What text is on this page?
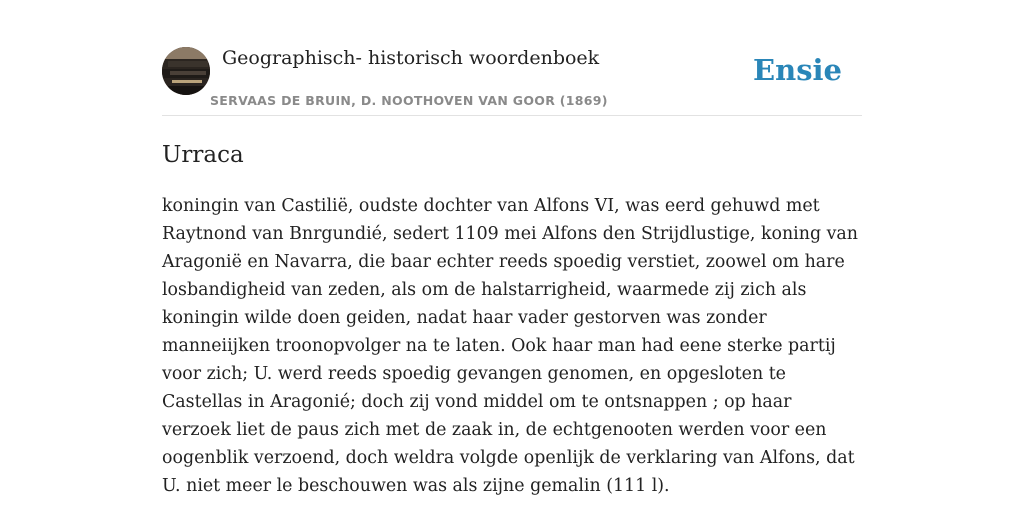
Geographisch- historisch woordenboek
SERVAAS DE BRUIN, D. NOOTHOVEN VAN GOOR (1869)
Ensie
Urraca

koningin van Castilië, oudste dochter van Alfons VI, was eerd gehuwd met Raytnond van Bnrgundié, sedert 1109 mei Alfons den Strijdlustige, koning van Aragonië en Navarra, die baar echter reeds spoedig verstiet, zoowel om hare losbandigheid van zeden, als om de halstarrigheid, waarmede zij zich als koningin wilde doen geiden, nadat haar vader gestorven was zonder manneiijken troonopvolger na te laten. Ook haar man had eene sterke partij voor zich; U. werd reeds spoedig gevangen genomen, en opgesloten te Castellas in Aragonié; doch zij vond middel om te ontsnappen ; op haar verzoek liet de paus zich met de zaak in, de echtgenooten werden voor een oogenblik verzoend, doch weldra volgde openlijk de verklaring van Alfons, dat U. niet meer le beschouwen was als zijne gemalin (111 l).
